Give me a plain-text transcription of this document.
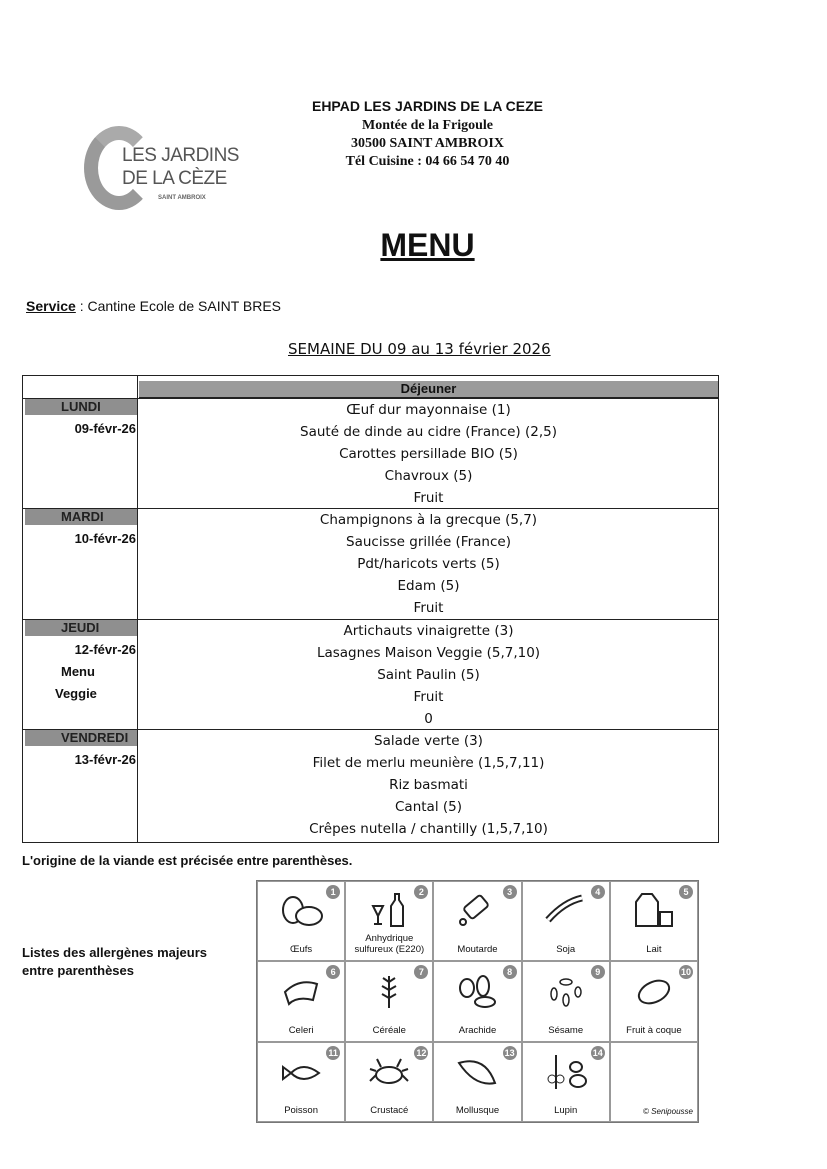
LES JARDINS
DE LA CÈZE
SAINT AMBROIX
EHPAD LES JARDINS DE LA CEZE
Montée de la Frigoule
30500 SAINT AMBROIX
Tél Cuisine : 04 66 54 70 40
MENU
Service : Cantine Ecole de SAINT BRES
SEMAINE DU 09 au 13 février 2026
Déjeuner
LUNDI
09-févr-26
Œuf dur mayonnaise (1)
Sauté de dinde au cidre (France) (2,5)
Carottes persillade BIO (5)
Chavroux (5)
Fruit
MARDI
10-févr-26
Champignons à la grecque (5,7)
Saucisse grillée (France)
Pdt/haricots verts (5)
Edam (5)
Fruit
JEUDI
12-févr-26
Menu
Veggie
Artichauts vinaigrette (3)
Lasagnes Maison Veggie (5,7,10)
Saint Paulin (5)
Fruit
0
VENDREDI
13-févr-26
Salade verte (3)
Filet de merlu meunière (1,5,7,11)
Riz basmati
Cantal (5)
Crêpes nutella / chantilly (1,5,7,10)
L'origine de la viande est précisée entre parenthèses.
Listes des allergènes majeurs
entre parenthèses
1
Œufs
2
Anhydrique sulfureux (E220)
3
Moutarde
4
Soja
5
Lait
6
Celeri
7
Céréale
8
Arachide
9
Sésame
10
Fruit à coque
11
Poisson
12
Crustacé
13
Mollusque
14
Lupin	© Senipousse
